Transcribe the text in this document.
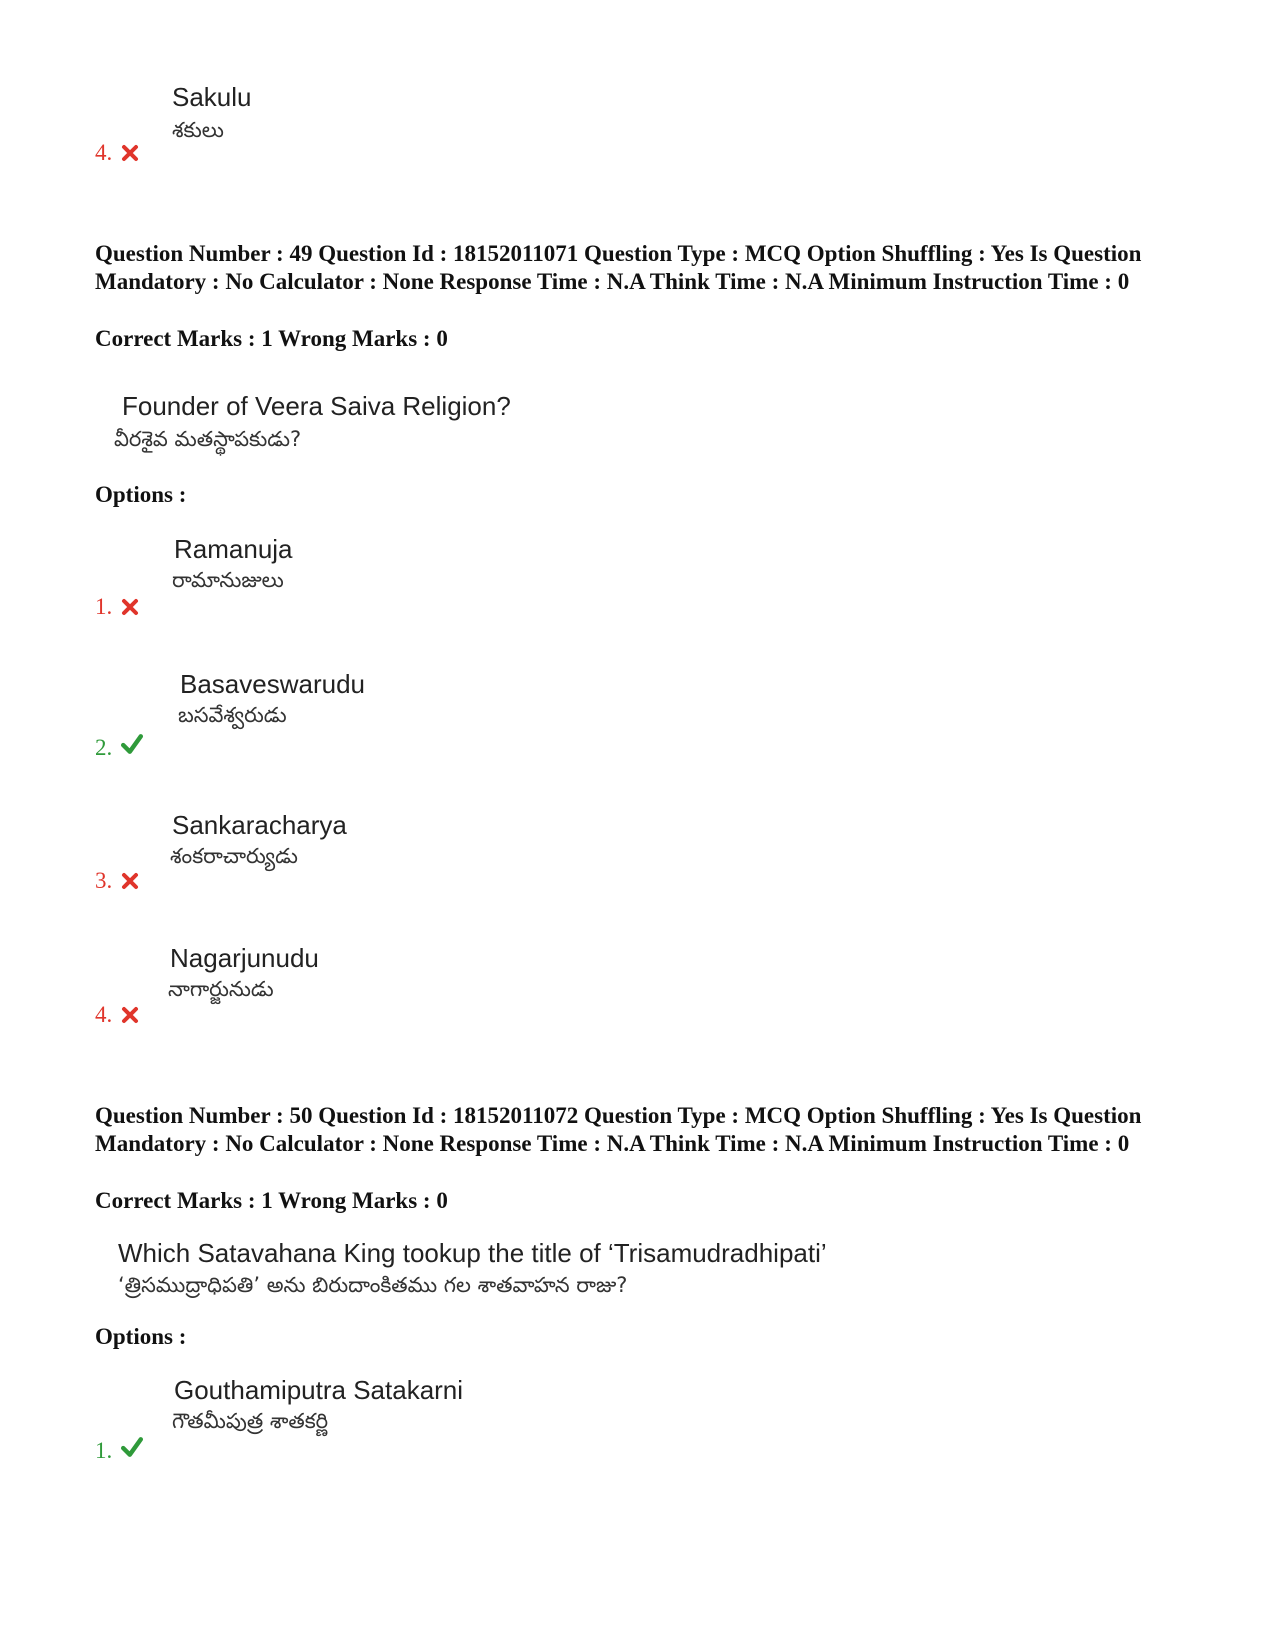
Sakulu
శకులు
4.
Question Number : 49 Question Id : 18152011071 Question Type : MCQ Option Shuffling : Yes Is Question Mandatory : No Calculator : None Response Time : N.A Think Time : N.A Minimum Instruction Time : 0
Correct Marks : 1 Wrong Marks : 0
Founder of Veera Saiva Religion?
వీరశైవ మతస్థాపకుడు?
Options :
Ramanuja
రామానుజులు
1.
Basaveswarudu
బసవేశ్వరుడు
2.
Sankaracharya
శంకరాచార్యుడు
3.
Nagarjunudu
నాగార్జునుడు
4.
Question Number : 50 Question Id : 18152011072 Question Type : MCQ Option Shuffling : Yes Is Question Mandatory : No Calculator : None Response Time : N.A Think Time : N.A Minimum Instruction Time : 0
Correct Marks : 1 Wrong Marks : 0
Which Satavahana King tookup the title of ‘Trisamudradhipati’
‘త్రిసముద్రాధిపతి’ అను బిరుదాంకితము గల శాతవాహన రాజు?
Options :
Gouthamiputra Satakarni
గౌతమీపుత్ర శాతకర్ణి
1.
